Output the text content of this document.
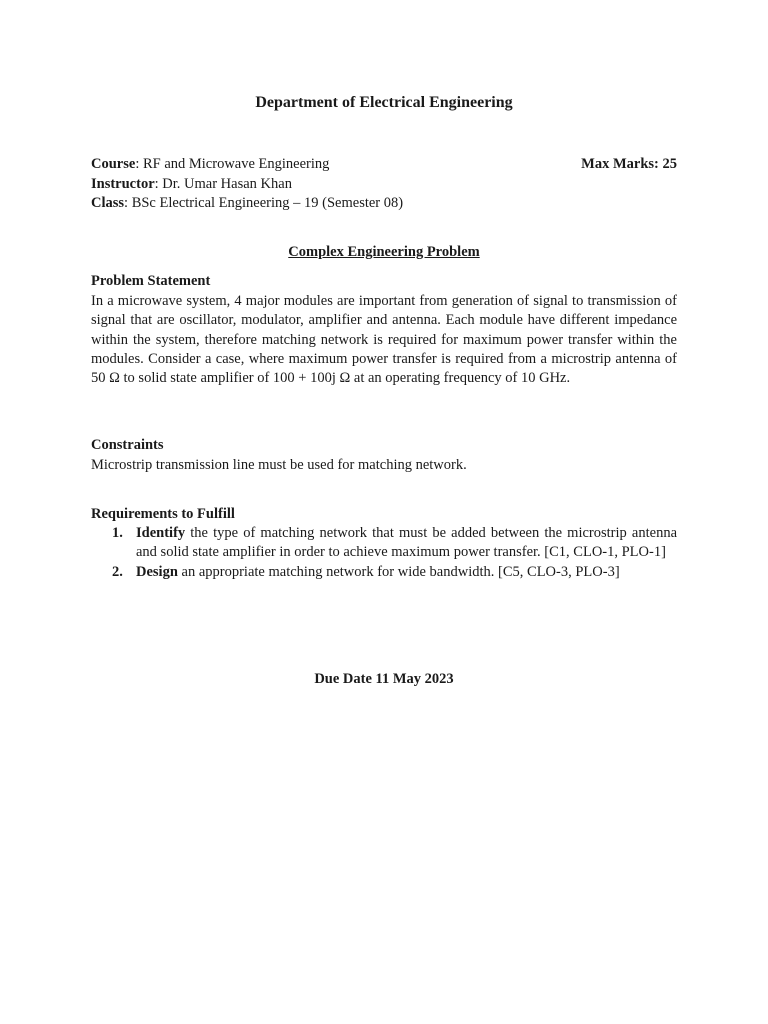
Department of Electrical Engineering
Course: RF and Microwave Engineering	Max Marks: 25
Instructor: Dr. Umar Hasan Khan
Class: BSc Electrical Engineering – 19 (Semester 08)
Complex Engineering Problem
Problem Statement
In a microwave system, 4 major modules are important from generation of signal to transmission of signal that are oscillator, modulator, amplifier and antenna. Each module have different impedance within the system, therefore matching network is required for maximum power transfer within the modules. Consider a case, where maximum power transfer is required from a microstrip antenna of 50 Ω to solid state amplifier of 100 + 100j Ω at an operating frequency of 10 GHz.
Constraints
Microstrip transmission line must be used for matching network.
Requirements to Fulfill
1. Identify the type of matching network that must be added between the microstrip antenna and solid state amplifier in order to achieve maximum power transfer. [C1, CLO-1, PLO-1]
2. Design an appropriate matching network for wide bandwidth. [C5, CLO-3, PLO-3]
Due Date 11 May 2023
